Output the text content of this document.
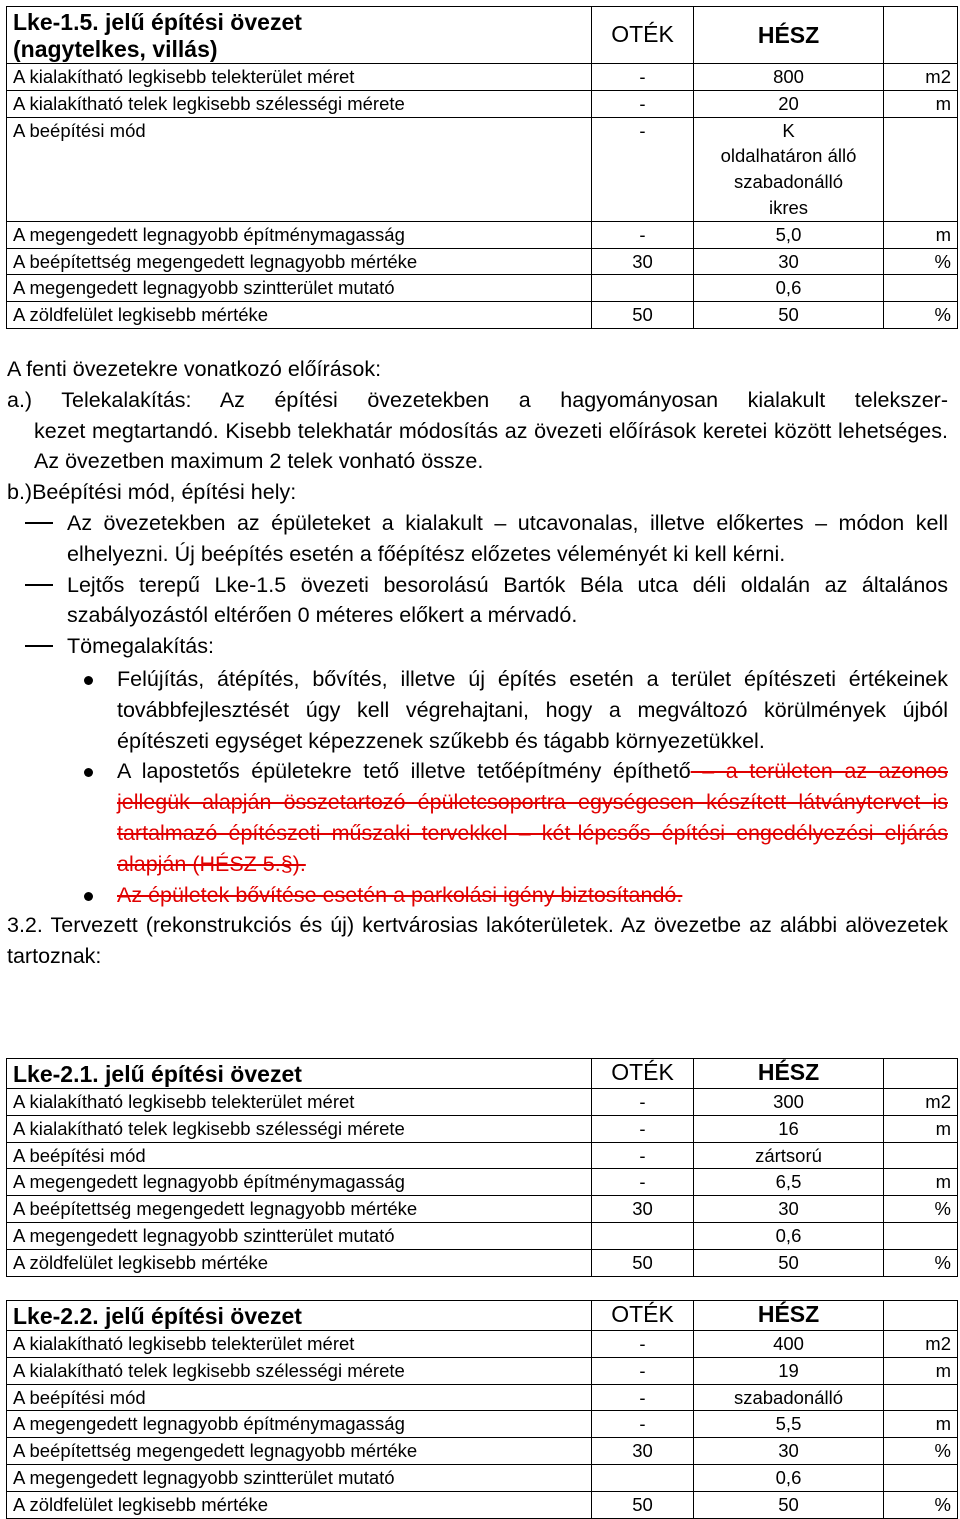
Lke-1.5. jelű építési övezet
(nagytelkes, villás)	OTÉK	HÉSZ	
A kialakítható legkisebb telekterület méret	-	800	m2
A kialakítható telek legkisebb szélességi mérete	-	20	m
A beépítési mód	-	K
oldalhatáron álló
szabadonálló
ikres	

A megengedett legnagyobb építménymagasság	-	5,0	m
A beépítettség megengedett legnagyobb mértéke	30	30	%
A megengedett legnagyobb szintterület mutató		0,6	
A zöldfelület legkisebb mértéke	50	50	%

A fenti övezetekre vonatkozó előírások:

a.) Telekalakítás: Az építési övezetekben a hagyományosan kialakult telekszer-

kezet megtartandó. Kisebb telekhatár módosítás az övezeti előírások keretei között lehetséges. Az övezetben maximum 2 telek vonható össze.

b.)Beépítési mód, építési hely:

Az övezetekben az épületeket a kialakult – utcavonalas, illetve előkertes – módon kell elhelyezni. Új beépítés esetén a főépítész előzetes véleményét ki kell kérni.
Lejtős terepű Lke-1.5 övezeti besorolású Bartók Béla utca déli oldalán az általános szabályozástól eltérően 0 méteres előkert a mérvadó.
Tömegalakítás:
Felújítás, átépítés, bővítés, illetve új építés esetén a terület építészeti értékeinek továbbfejlesztését úgy kell végrehajtani, hogy a megváltozó körülmények újból építészeti egységet képezzenek szűkebb és tágabb környezetükkel.
A lapostetős épületekre tető illetve tetőépítmény építhető – a területen az azonos jellegük alapján összetartozó épületcsoportra egységesen készített látványtervet is tartalmazó építészeti műszaki tervekkel – két-lépcsős építési engedélyezési eljárás alapján (HÉSZ 5.§).
Az épületek bővítése esetén a parkolási igény biztosítandó.

3.2. Tervezett (rekonstrukciós és új) kertvárosias lakóterületek. Az övezetbe az alábbi alövezetek tartoznak:

Lke-2.1. jelű építési övezet	OTÉK	HÉSZ	
A kialakítható legkisebb telekterület méret	-	300	m2
A kialakítható telek legkisebb szélességi mérete	-	16	m
A beépítési mód	-	zártsorú	
A megengedett legnagyobb építménymagasság	-	6,5	m
A beépítettség megengedett legnagyobb mértéke	30	30	%
A megengedett legnagyobb szintterület mutató		0,6	
A zöldfelület legkisebb mértéke	50	50	%
Lke-2.2. jelű építési övezet	OTÉK	HÉSZ	
A kialakítható legkisebb telekterület méret	-	400	m2
A kialakítható telek legkisebb szélességi mérete	-	19	m
A beépítési mód	-	szabadonálló	
A megengedett legnagyobb építménymagasság	-	5,5	m
A beépítettség megengedett legnagyobb mértéke	30	30	%
A megengedett legnagyobb szintterület mutató		0,6	
A zöldfelület legkisebb mértéke	50	50	%
